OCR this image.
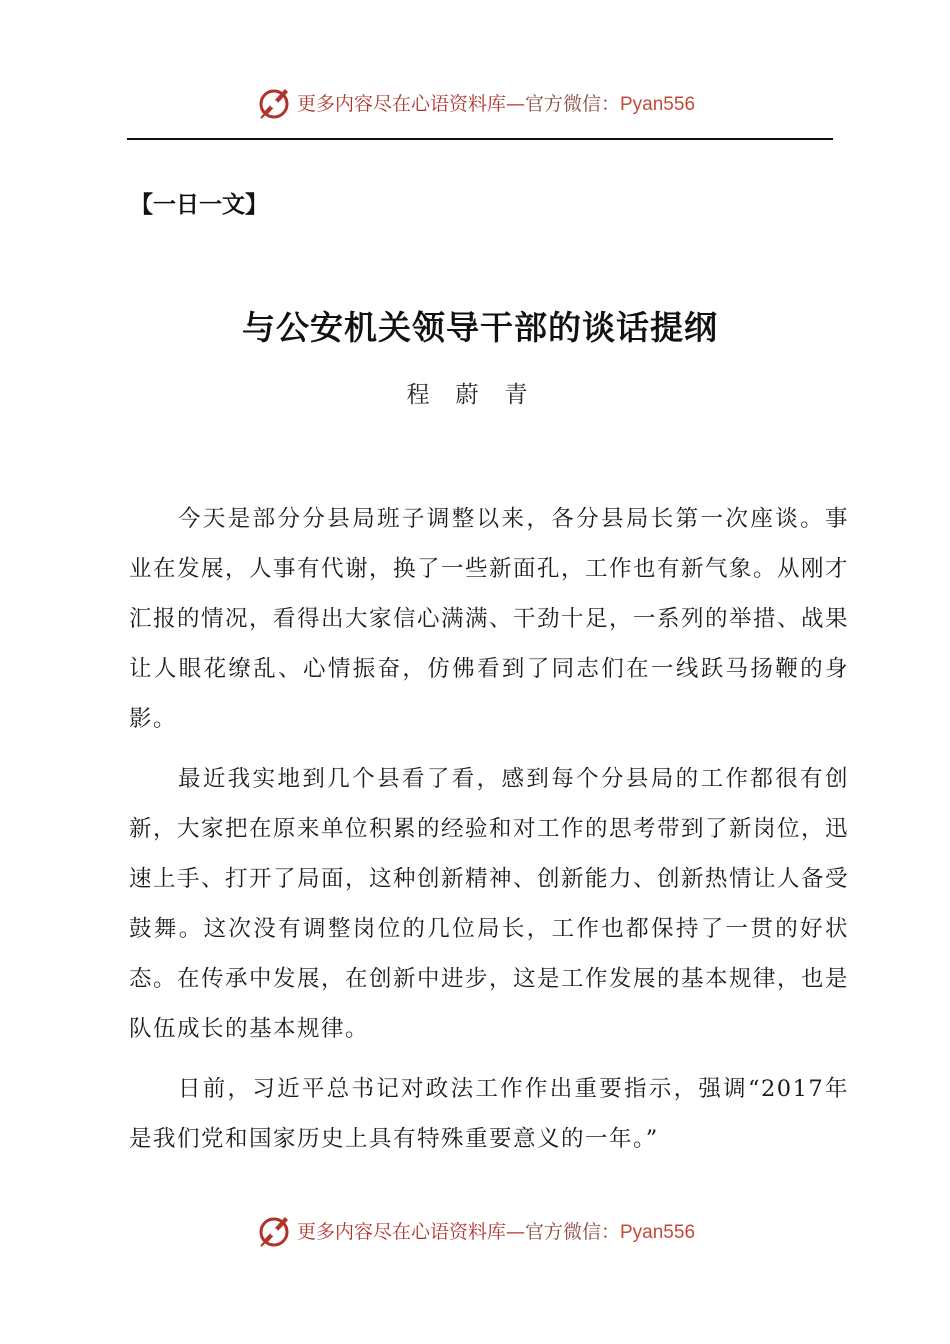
更多内容尽在心语资料库—官方微信：Pyan556
【一日一文】
与公安机关领导干部的谈话提纲
程蔚青

今天是部分分县局班子调整以来，各分县局长第一次座谈。事业在发展，人事有代谢，换了一些新面孔，工作也有新气象。从刚才汇报的情况，看得出大家信心满满、干劲十足，一系列的举措、战果让人眼花缭乱、心情振奋，仿佛看到了同志们在一线跃马扬鞭的身影。

最近我实地到几个县看了看，感到每个分县局的工作都很有创新，大家把在原来单位积累的经验和对工作的思考带到了新岗位，迅速上手、打开了局面，这种创新精神、创新能力、创新热情让人备受鼓舞。这次没有调整岗位的几位局长，工作也都保持了一贯的好状态。在传承中发展，在创新中进步，这是工作发展的基本规律，也是队伍成长的基本规律。

日前，习近平总书记对政法工作作出重要指示，强调“2017年是我们党和国家历史上具有特殊重要意义的一年。”

更多内容尽在心语资料库—官方微信：Pyan556
